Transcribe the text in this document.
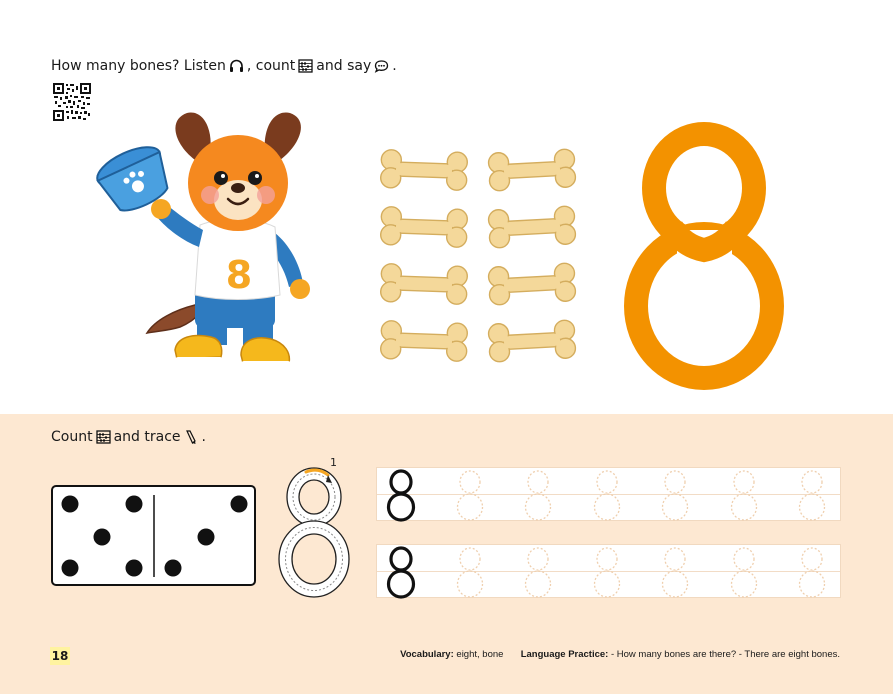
How many bones? Listen , count and say .
8
Count and trace .
1
18	Vocabulary: eight, bone Language Practice: - How many bones are there? - There are eight bones.
